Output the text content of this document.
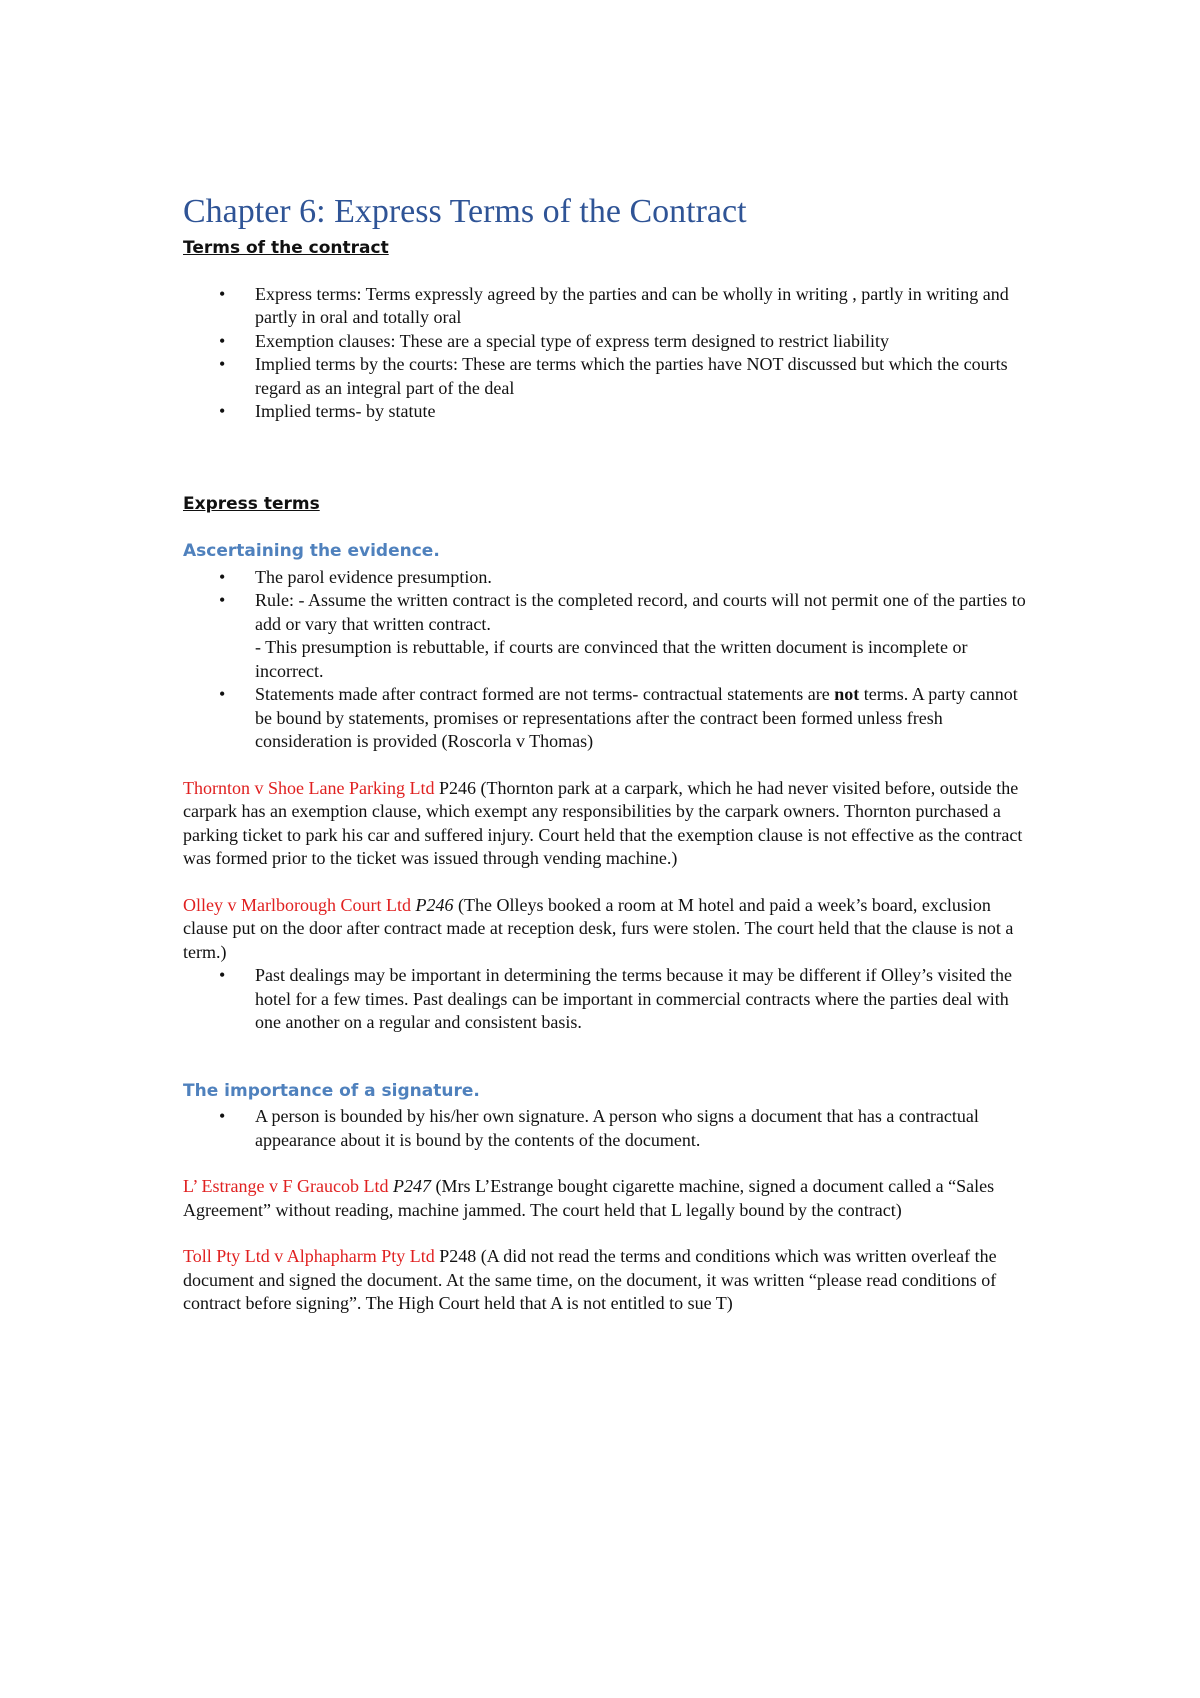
Chapter 6: Express Terms of the Contract
Terms of the contract
•	Express terms: Terms expressly agreed by the parties and can be wholly in writing , partly in writing and partly in oral and totally oral
•	Exemption clauses: These are a special type of express term designed to restrict liability
•	Implied terms by the courts: These are terms which the parties have NOT discussed but which the courts regard as an integral part of the deal
•	Implied terms- by statute
Express terms
Ascertaining the evidence.
•	The parol evidence presumption.
•	Rule: - Assume the written contract is the completed record, and courts will not permit one of the parties to add or vary that written contract.
- This presumption is rebuttable, if courts are convinced that the written document is incomplete or incorrect.
•	Statements made after contract formed are not terms- contractual statements are not terms. A party cannot be bound by statements, promises or representations after the contract been formed unless fresh consideration is provided (Roscorla v Thomas)

Thornton v Shoe Lane Parking Ltd P246 (Thornton park at a carpark, which he had never visited before, outside the carpark has an exemption clause, which exempt any responsibilities by the carpark owners. Thornton purchased a parking ticket to park his car and suffered injury. Court held that the exemption clause is not effective as the contract was formed prior to the ticket was issued through vending machine.)

Olley v Marlborough Court Ltd P246 (The Olleys booked a room at M hotel and paid a week’s board, exclusion clause put on the door after contract made at reception desk, furs were stolen. The court held that the clause is not a term.)

•	Past dealings may be important in determining the terms because it may be different if Olley’s visited the hotel for a few times. Past dealings can be important in commercial contracts where the parties deal with one another on a regular and consistent basis.
The importance of a signature.
•	A person is bounded by his/her own signature. A person who signs a document that has a contractual appearance about it is bound by the contents of the document.

L’ Estrange v F Graucob Ltd P247 (Mrs L’Estrange bought cigarette machine, signed a document called a “Sales Agreement” without reading, machine jammed. The court held that L legally bound by the contract)

Toll Pty Ltd v Alphapharm Pty Ltd P248 (A did not read the terms and conditions which was written overleaf the document and signed the document. At the same time, on the document, it was written “please read conditions of contract before signing”. The High Court held that A is not entitled to sue T)
